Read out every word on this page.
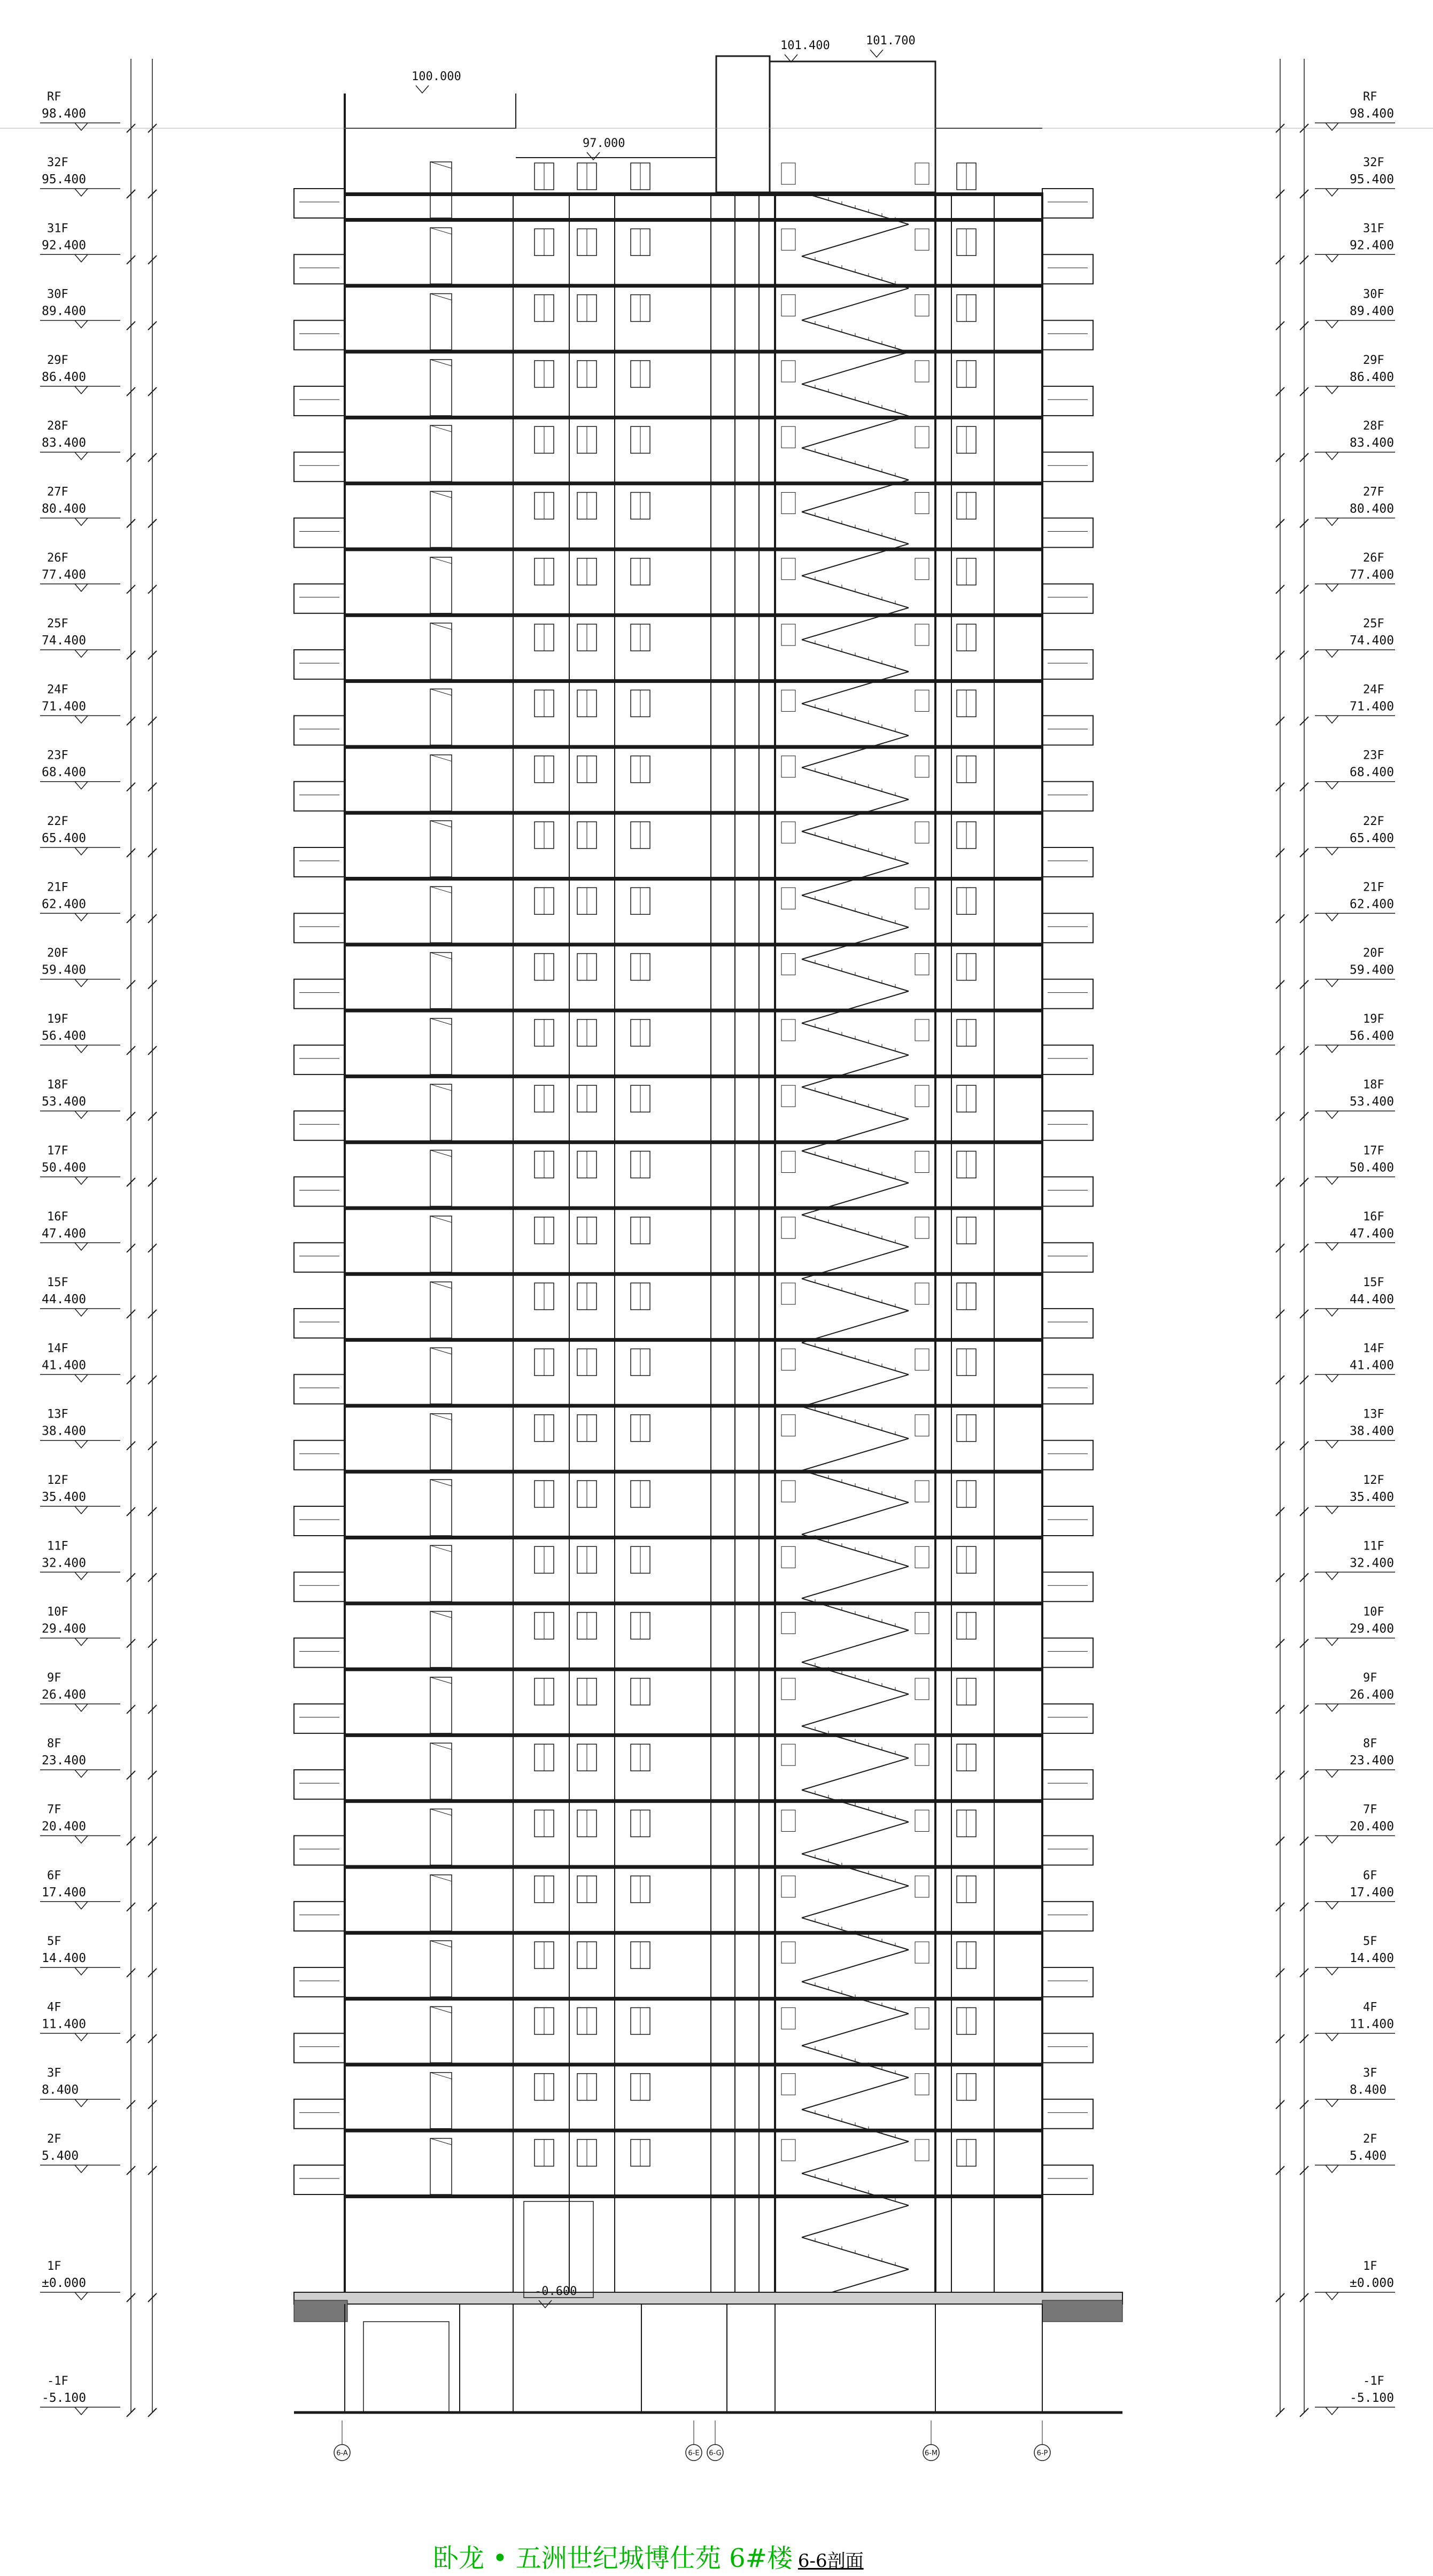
RF
98.400
32F
95.400
31F
92.400
30F
89.400
29F
86.400
28F
83.400
27F
80.400
26F
77.400
25F
74.400
24F
71.400
23F
68.400
22F
65.400
21F
62.400
20F
59.400
19F
56.400
18F
53.400
17F
50.400
16F
47.400
15F
44.400
14F
41.400
13F
38.400
12F
35.400
11F
32.400
10F
29.400
9F
26.400
8F
23.400
7F
20.400
6F
17.400
5F
14.400
4F
11.400
3F
8.400
2F
5.400
1F
±0.000
-1F
-5.100
RF
98.400
32F
95.400
31F
92.400
30F
89.400
29F
86.400
28F
83.400
27F
80.400
26F
77.400
25F
74.400
24F
71.400
23F
68.400
22F
65.400
21F
62.400
20F
59.400
19F
56.400
18F
53.400
17F
50.400
16F
47.400
15F
44.400
14F
41.400
13F
38.400
12F
35.400
11F
32.400
10F
29.400
9F
26.400
8F
23.400
7F
20.400
6F
17.400
5F
14.400
4F
11.400
3F
8.400
2F
5.400
1F
±0.000
-1F
-5.100
100.000
97.000
101.400	101.700
-0.600
6-A	6-E 6-G	6-M	6-P
卧龙 • 五洲世纪城博仕苑 6#楼 6-6剖面
